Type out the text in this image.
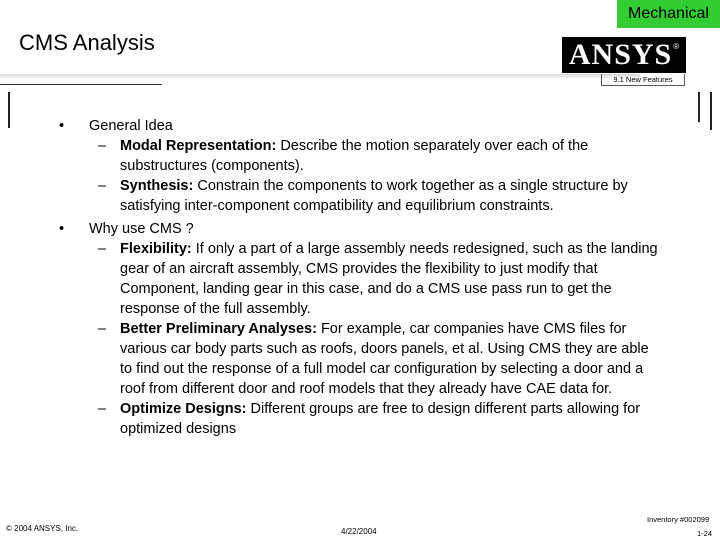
Mechanical
CMS Analysis	ANSYS ®
9.1 New Features
• General Idea
– Modal Representation: Describe the motion separately over each of the substructures (components).
– Synthesis: Constrain the components to work together as a single structure by satisfying inter-component compatibility and equilibrium constraints.
• Why use CMS ?
– Flexibility: If only a part of a large assembly needs redesigned, such as the landing gear of an aircraft assembly, CMS provides the flexibility to just modify that Component, landing gear in this case, and do a CMS use pass run to get the response of the full assembly.
– Better Preliminary Analyses: For example, car companies have CMS files for various car body parts such as roofs, doors panels, et al. Using CMS they are able to find out the response of a full model car configuration by selecting a door and a roof from different door and roof models that they already have CAE data for.
– Optimize Designs: Different groups are free to design different parts allowing for optimized designs
© 2004 ANSYS, Inc.	4/22/2004
Inventory #002099
1-24
